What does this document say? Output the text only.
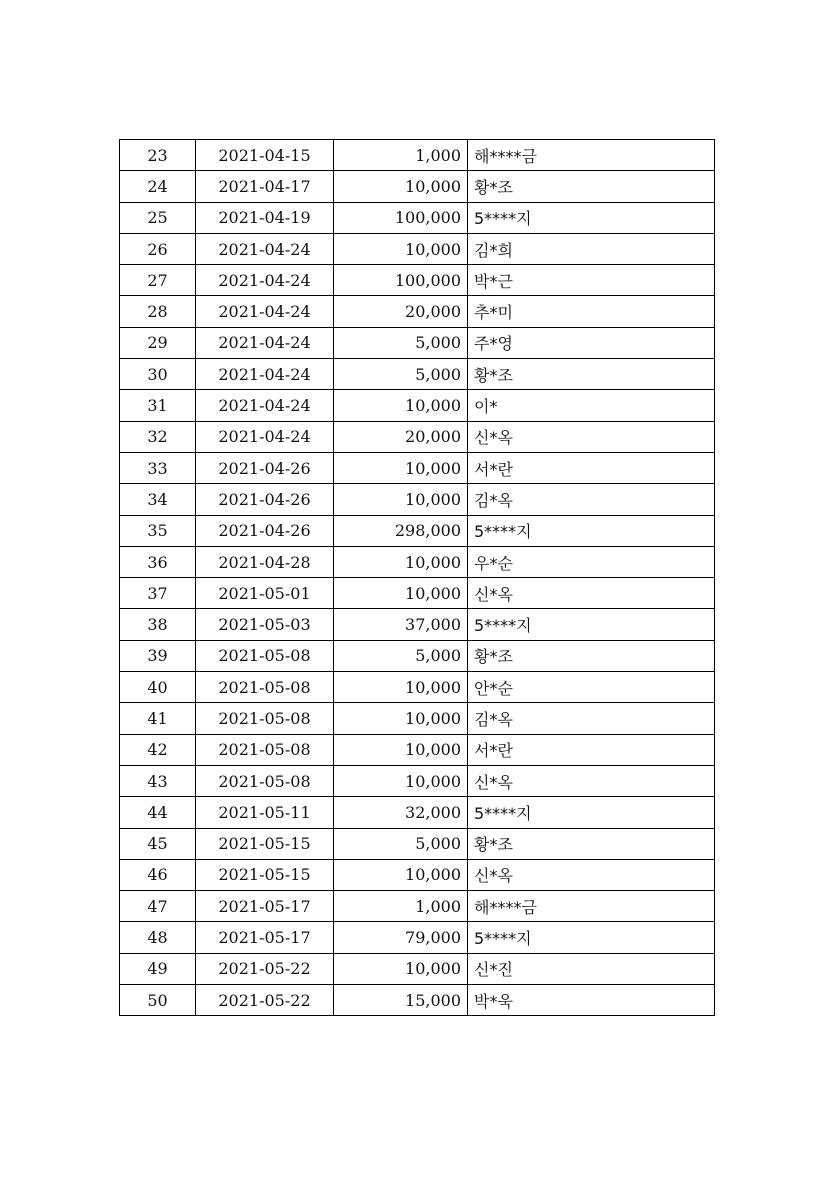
23	2021-04-15	1,000	해****금
24	2021-04-17	10,000	황*조
25	2021-04-19	100,000	5****지
26	2021-04-24	10,000	김*희
27	2021-04-24	100,000	박*근
28	2021-04-24	20,000	추*미
29	2021-04-24	5,000	주*영
30	2021-04-24	5,000	황*조
31	2021-04-24	10,000	이*
32	2021-04-24	20,000	신*옥
33	2021-04-26	10,000	서*란
34	2021-04-26	10,000	김*옥
35	2021-04-26	298,000	5****지
36	2021-04-28	10,000	우*순
37	2021-05-01	10,000	신*옥
38	2021-05-03	37,000	5****지
39	2021-05-08	5,000	황*조
40	2021-05-08	10,000	안*순
41	2021-05-08	10,000	김*옥
42	2021-05-08	10,000	서*란
43	2021-05-08	10,000	신*옥
44	2021-05-11	32,000	5****지
45	2021-05-15	5,000	황*조
46	2021-05-15	10,000	신*옥
47	2021-05-17	1,000	해****금
48	2021-05-17	79,000	5****지
49	2021-05-22	10,000	신*진
50	2021-05-22	15,000	박*욱
